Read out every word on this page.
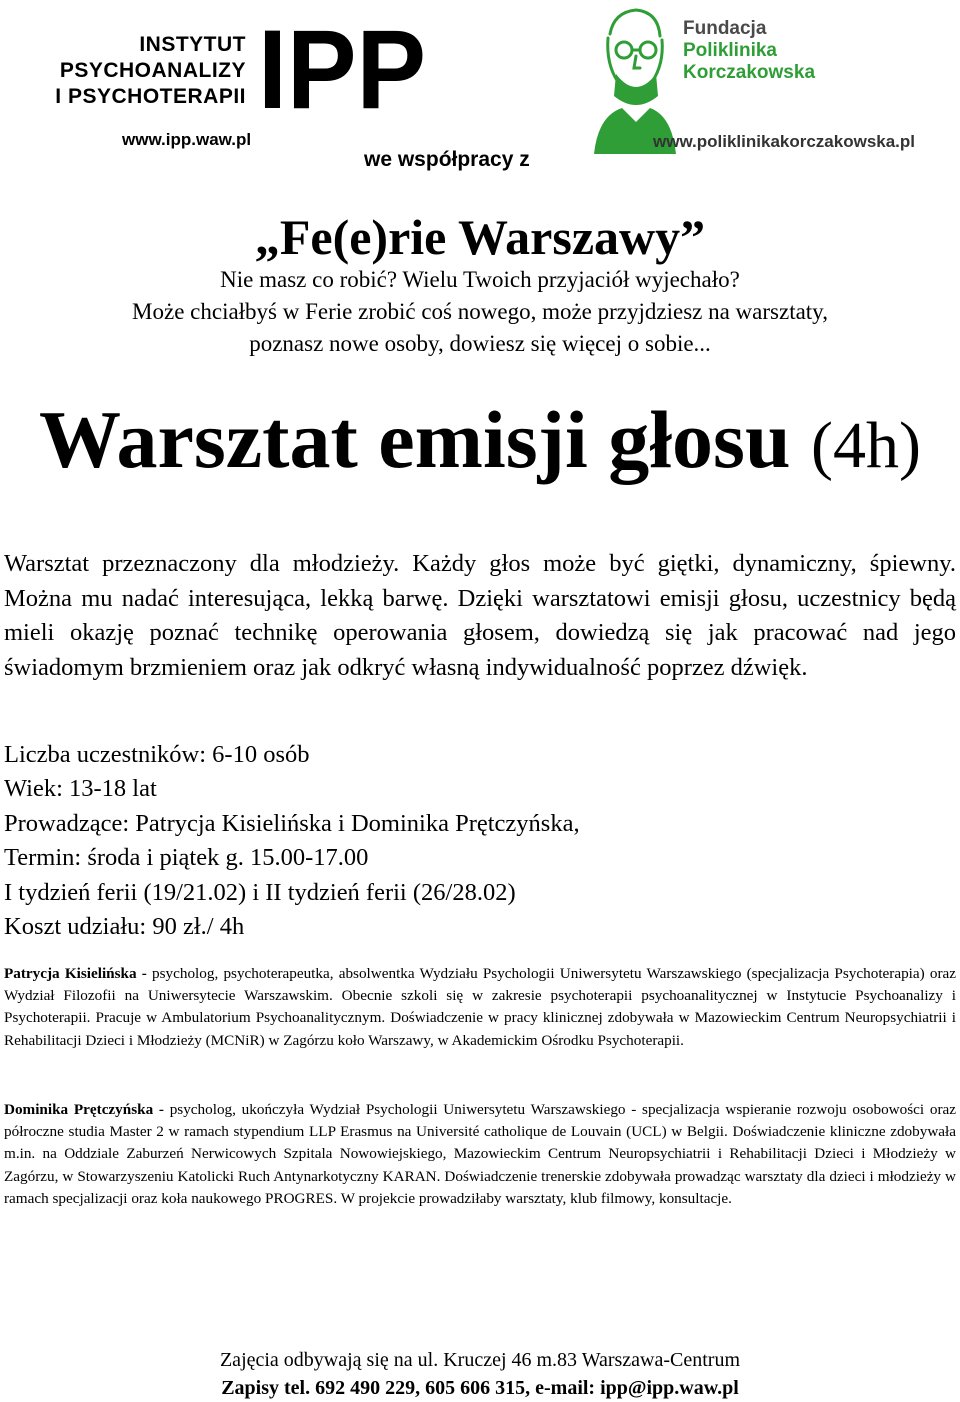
INSTYTUT
PSYCHOANALIZY
I PSYCHOTERAPII IPP
www.ipp.waw.pl
Fundacja
Poliklinika
Korczakowska
www.poliklinikakorczakowska.pl
we współpracy z
„Fe(e)rie Warszawy”
Nie masz co robić? Wielu Twoich przyjaciół wyjechało?
Może chciałbyś w Ferie zrobić coś nowego, może przyjdziesz na warsztaty,
poznasz nowe osoby, dowiesz się więcej o sobie...
Warsztat emisji głosu (4h)
Warsztat przeznaczony dla młodzieży. Każdy głos może być giętki, dynamiczny, śpiewny. Można mu nadać interesująca, lekką barwę. Dzięki warsztatowi emisji głosu, uczestnicy będą mieli okazję poznać technikę operowania głosem, dowiedzą się jak pracować nad jego świadomym brzmieniem oraz jak odkryć własną indywidualność poprzez dźwięk.
Liczba uczestników: 6-10 osób
Wiek: 13-18 lat
Prowadzące: Patrycja Kisielińska i Dominika Prętczyńska,
Termin: środa i piątek g. 15.00-17.00
I tydzień ferii (19/21.02) i II tydzień ferii (26/28.02)
Koszt udziału: 90 zł./ 4h
Patrycja Kisielińska - psycholog, psychoterapeutka, absolwentka Wydziału Psychologii Uniwersytetu Warszawskiego (specjalizacja Psychoterapia) oraz Wydział Filozofii na Uniwersytecie Warszawskim. Obecnie szkoli się w zakresie psychoterapii psychoanalitycznej w Instytucie Psychoanalizy i Psychoterapii. Pracuje w Ambulatorium Psychoanalitycznym. Doświadczenie w pracy klinicznej zdobywała w Mazowieckim Centrum Neuropsychiatrii i Rehabilitacji Dzieci i Młodzieży (MCNiR) w Zagórzu koło Warszawy, w Akademickim Ośrodku Psychoterapii.
Dominika Prętczyńska - psycholog, ukończyła Wydział Psychologii Uniwersytetu Warszawskiego - specjalizacja wspieranie rozwoju osobowości oraz półroczne studia Master 2 w ramach stypendium LLP Erasmus na Université catholique de Louvain (UCL) w Belgii. Doświadczenie kliniczne zdobywała m.in. na Oddziale Zaburzeń Nerwicowych Szpitala Nowowiejskiego, Mazowieckim Centrum Neuropsychiatrii i Rehabilitacji Dzieci i Młodzieży w Zagórzu, w Stowarzyszeniu Katolicki Ruch Antynarkotyczny KARAN. Doświadczenie trenerskie zdobywała prowadząc warsztaty dla dzieci i młodzieży w ramach specjalizacji oraz koła naukowego PROGRES. W projekcie prowadziłaby warsztaty, klub filmowy, konsultacje.
Zajęcia odbywają się na ul. Kruczej 46 m.83 Warszawa-Centrum
Zapisy tel. 692 490 229, 605 606 315, e-mail: ipp@ipp.waw.pl
